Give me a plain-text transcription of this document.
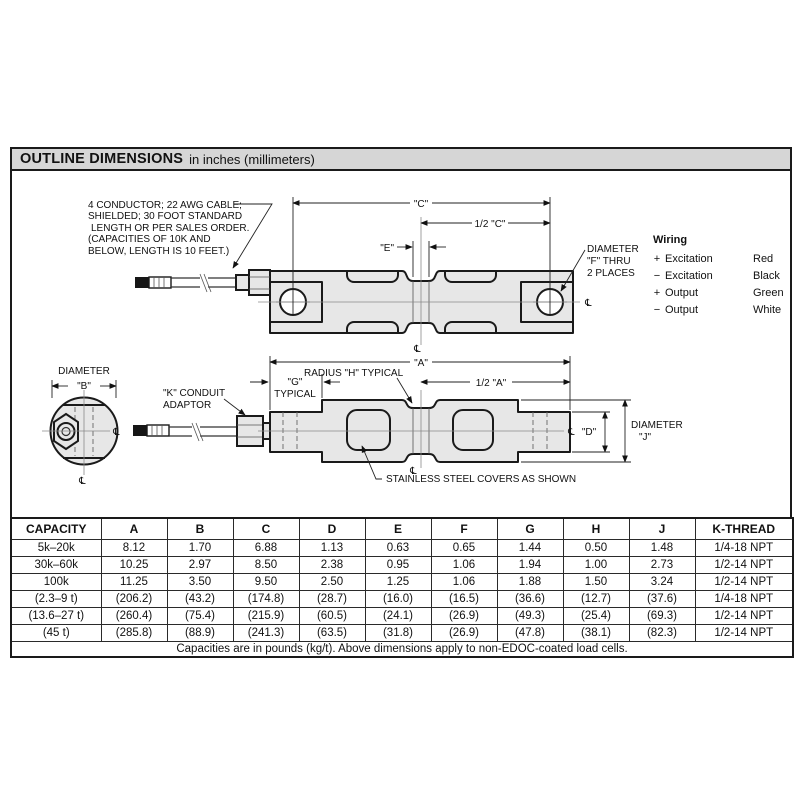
OUTLINE DIMENSIONS in inches (millimeters)
℄
℄
"C"
1/2 "C"
"E"
4 CONDUCTOR; 22 AWG CABLE;
SHIELDED; 30 FOOT STANDARD
LENGTH OR PER SALES ORDER.
(CAPACITIES OF 10K AND
BELOW, LENGTH IS 10 FEET.)	DIAMETER
"F" THRU
2 PLACES
Wiring
+ Excitation	Red
− Excitation	Black
+ Output	Green
− Output	White
℄
"A"
1/2 "A"
RADIUS "H" TYPICAL
"G"
TYPICAL
℄ "D"
DIAMETER
"J"
STAINLESS STEEL COVERS AS SHOWN
℄
℄
DIAMETER
"B"
"K" CONDUIT
ADAPTOR
CAPACITY	A	B	C	D	E	F	G	H	J	K-THREAD
5k–20k	8.12	1.70	6.88	1.13	0.63	0.65	1.44	0.50	1.48	1/4-18 NPT
30k–60k	10.25	2.97	8.50	2.38	0.95	1.06	1.94	1.00	2.73	1/2-14 NPT
100k	11.25	3.50	9.50	2.50	1.25	1.06	1.88	1.50	3.24	1/2-14 NPT
(2.3–9 t)	(206.2)	(43.2)	(174.8)	(28.7)	(16.0)	(16.5)	(36.6)	(12.7)	(37.6)	1/4-18 NPT
(13.6–27 t)	(260.4)	(75.4)	(215.9)	(60.5)	(24.1)	(26.9)	(49.3)	(25.4)	(69.3)	1/2-14 NPT
(45 t)	(285.8)	(88.9)	(241.3)	(63.5)	(31.8)	(26.9)	(47.8)	(38.1)	(82.3)	1/2-14 NPT
Capacities are in pounds (kg/t). Above dimensions apply to non-EDOC-coated load cells.										
